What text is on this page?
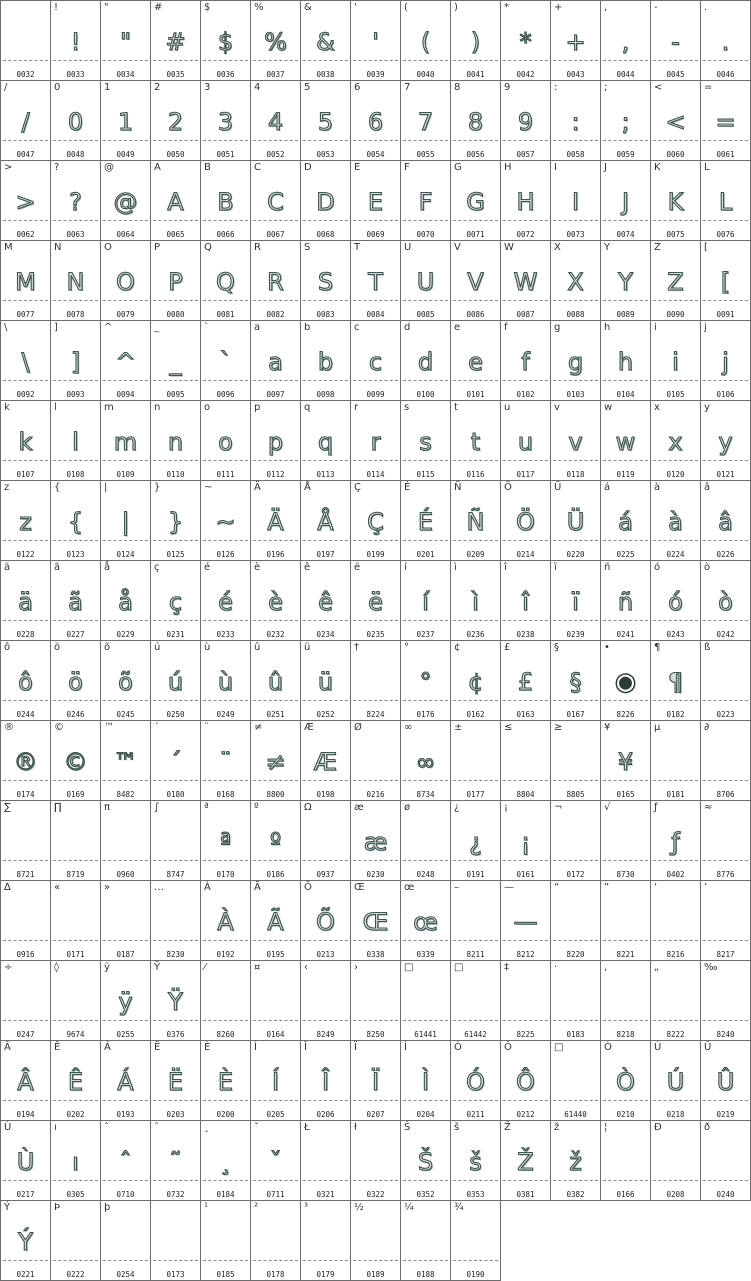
0032
!
!
0033
"
"
0034
#
#
0035
$
$
0036
%
%
0037
&
&
0038
'
'
0039
(
(
0040
)
)
0041
*
*
0042
+
+
0043
,
,
0044
-
-
0045
.
.
0046
/
/
0047
0
0
0048
1
1
0049
2
2
0050
3
3
0051
4
4
0052
5
5
0053
6
6
0054
7
7
0055
8
8
0056
9
9
0057
:
:
0058
;
;
0059
<
<
0060
=
=
0061
>
>
0062
?
?
0063
@
@
0064
A
A
0065
B
B
0066
C
C
0067
D
D
0068
E
E
0069
F
F
0070
G
G
0071
H
H
0072
I
I
0073
J
J
0074
K
K
0075
L
L
0076
M
M
0077
N
N
0078
O
O
0079
P
P
0080
Q
Q
0081
R
R
0082
S
S
0083
T
T
0084
U
U
0085
V
V
0086
W
W
0087
X
X
0088
Y
Y
0089
Z
Z
0090
[
[
0091
\
\
0092
]
]
0093
^
^
0094
_
_
0095
`
`
0096
a
a
0097
b
b
0098
c
c
0099
d
d
0100
e
e
0101
f
f
0102
g
g
0103
h
h
0104
i
i
0105
j
j
0106
k
k
0107
l
l
0108
m
m
0109
n
n
0110
o
o
0111
p
p
0112
q
q
0113
r
r
0114
s
s
0115
t
t
0116
u
u
0117
v
v
0118
w
w
0119
x
x
0120
y
y
0121
z
z
0122
{
{
0123
|
|
0124
}
}
0125
~
~
0126
Ä
Ä
0196
Å
Å
0197
Ç
Ç
0199
É
É
0201
Ñ
Ñ
0209
Ö
Ö
0214
Ü
Ü
0220
á
á
0225
à
à
0224
â
â
0226
ä
ä
0228
ã
ã
0227
å
å
0229
ç
ç
0231
é
é
0233
è
è
0232
ê
ê
0234
ë
ë
0235
í
í
0237
ì
ì
0236
î
î
0238
ï
ï
0239
ñ
ñ
0241
ó
ó
0243
ò
ò
0242
ô
ô
0244
ö
ö
0246
õ
õ
0245
ú
ú
0250
ù
ù
0249
û
û
0251
ü
ü
0252
†
8224
°
°
0176
¢
¢
0162
£
£
0163
§
§
0167
•
◉
8226
¶
¶
0182
ß
0223
®
®
0174
©
©
0169
™
™
8482
´
´
0180
¨
¨
0168
≠
≠
8800
Æ
Æ
0198
Ø
0216
∞
∞
8734
±
0177
≤
8804
≥
8805
¥
¥
0165
µ
0181
∂
8706
∑
8721
∏
8719
π
0960
∫
8747
ª
ª
0170
º
º
0186
Ω
0937
æ
æ
0230
ø
0248
¿
¿
0191
¡
¡
0161
¬
0172
√
8730
ƒ
ƒ
0402
≈
8776
∆
0916
«
0171
»
0187
…
8230
À
À
0192
Ã
Ã
0195
Õ
Õ
0213
Œ
Œ
0338
œ
œ
0339
–
8211
—
—
8212
“
8220
”
8221
‘
8216
’
8217
÷
0247
◊
9674
ÿ
ÿ
0255
Ÿ
Ÿ
0376
⁄
8260
¤
0164
‹
8249
›
8250
□
61441
□
61442
‡
8225
·
0183
‚
8218
„
8222
‰
8240
Â
Â
0194
Ê
Ê
0202
Á
Á
0193
Ë
Ë
0203
È
È
0200
Í
Í
0205
Î
Î
0206
Ï
Ï
0207
Ì
Ì
0204
Ó
Ó
0211
Ô
Ô
0212
□
61440
Ò
Ò
0210
Ú
Ú
0218
Û
Û
0219
Ù
Ù
0217
ı
ı
0305
ˆ
ˆ
0710
˜
˜
0732
¸
¸
0184
ˇ
ˇ
0711
Ł
0321
ł
0322
Š
Š
0352
š
š
0353
Ž
Ž
0381
ž
ž
0382
¦
0166
Ð
0208
ð
0240
Ý
Ý
0221
Þ
0222
þ
0254	0173
¹
0185
²
0178
³
0179
½
0189
¼
0188
¾
0190
